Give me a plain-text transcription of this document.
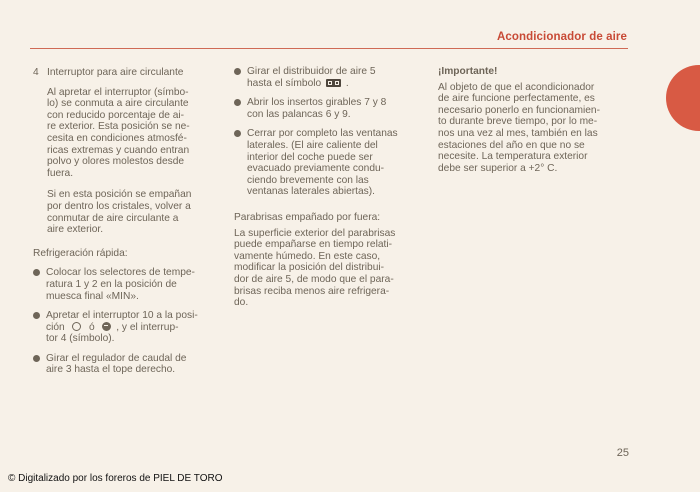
Acondicionador de aire
4 Interruptor para aire circulante
Al apretar el interruptor (símbo-
lo) se conmuta a aire circulante
con reducido porcentaje de ai-
re exterior. Esta posición se ne-
cesita en condiciones atmosfé-
ricas extremas y cuando entran
polvo y olores molestos desde
fuera.
Si en esta posición se empañan
por dentro los cristales, volver a
conmutar de aire circulante a
aire exterior.
Refrigeración rápida:
Colocar los selectores de tempe-
ratura 1 y 2 en la posición de
muesca final «MIN».
Apretar el interruptor 10 a la posi-
ción ó , y el interrup-
tor 4 (símbolo).
Girar el regulador de caudal de
aire 3 hasta el tope derecho.
Girar el distribuidor de aire 5
hasta el símbolo .
Abrir los insertos girables 7 y 8
con las palancas 6 y 9.
Cerrar por completo las ventanas
laterales. (El aire caliente del
interior del coche puede ser
evacuado previamente condu-
ciendo brevemente con las
ventanas laterales abiertas).
Parabrisas empañado por fuera:
La superficie exterior del parabrisas
puede empañarse en tiempo relati-
vamente húmedo. En este caso,
modificar la posición del distribui-
dor de aire 5, de modo que el para-
brisas reciba menos aire refrigera-
do.
¡Importante!
Al objeto de que el acondicionador
de aire funcione perfectamente, es
necesario ponerlo en funcionamien-
to durante breve tiempo, por lo me-
nos una vez al mes, también en las
estaciones del año en que no se
necesite. La temperatura exterior
debe ser superior a +2° C.
25
© Digitalizado por los foreros de PIEL DE TORO
